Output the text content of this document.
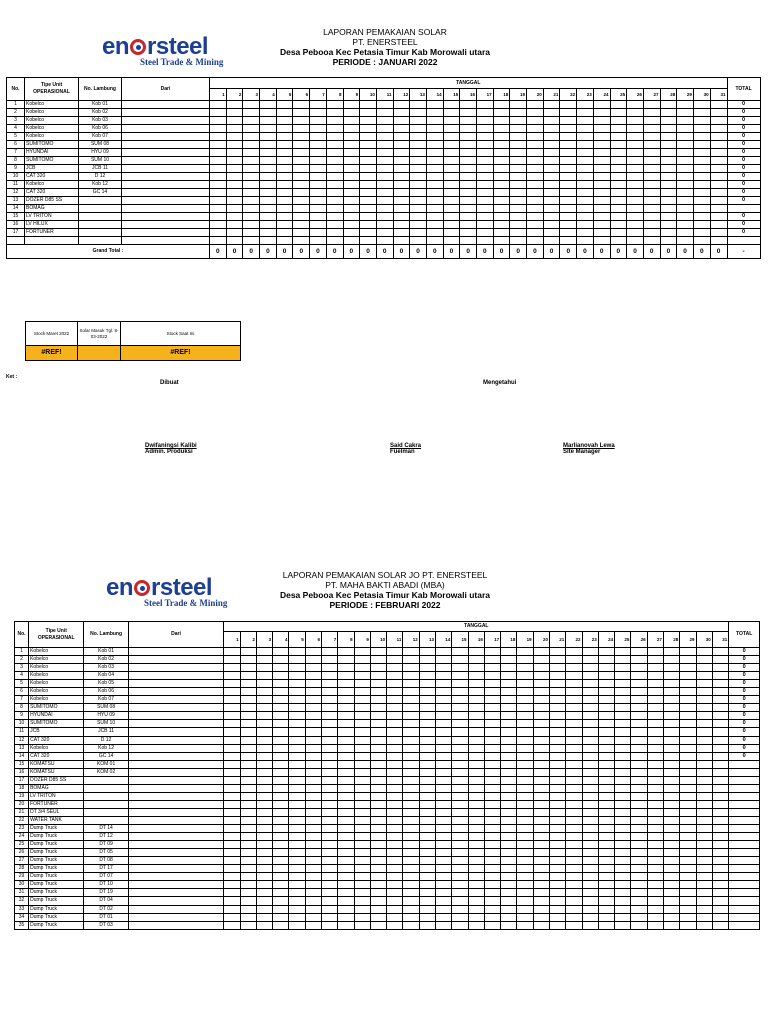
en rsteel
Steel Trade & Mining
LAPORAN PEMAKAIAN SOLAR
PT. ENERSTEEL
Desa Pebooa Kec Petasia Timur Kab Morowali utara
PERIODE : JANUARI 2022
No.	Tipe Unit OPERASIONAL	No. Lambung	Dari	TANGGAL																															TOTAL
				1	2	3	4	5	6	7	8	9	10	11	12	13	14	15	16	17	18	19	20	21	22	23	24	25	26	27	28	29	30	31	
1	Kobelco	Kob 01																																	0
2	Kobelco	Kob 02																																	0
3	Kobelco	Kob 03																																	0
4	Kobelco	Kob 06																																	0
5	Kobelco	Kob 07																																	0
6	SUMITOMO	SUM 08																																	0
7	HYUNDAI	HYU 09																																	0
8	SUMITOMO	SUM 10																																	0
9	JCB	JCB 11																																	0
10	CAT 320	D 12																																	0
11	Kobelco	Kob 12																																	0
12	CAT 320	GC 14																																	0
13	DOZER D85 SS																																		0
14	BOMAG																																		
15	LV TRITON																																		0
16	LV HILUX																																		0
17	FORTUNER																																		0

Grand Total :				0	0	0	0	0	0	0	0	0	0	0	0	0	0	0	0	0	0	0	0	0	0	0	0	0	0	0	0	0	0	0	-
Stock Maret 2022	Solar Masuk Tgl. 8-03-2022	Stock Saat Ini
#REF!		#REF!
Ket :
Dibuat	Mengetahui
Dwifaningsi Kalibi
Admin. Produksi
Said Cakra
Fuelman
Marlianovah Lewa
Site Manager
en rsteel
Steel Trade & Mining
LAPORAN PEMAKAIAN SOLAR JO PT. ENERSTEEL
PT. MAHA BAKTI ABADI (MBA)
Desa Pebooa Kec Petasia Timur Kab Morowali utara
PERIODE : FEBRUARI 2022
No.	Tipe Unit OPERASIONAL	No. Lambung	Dari	TANGGAL																															TOTAL
				1	2	3	4	5	6	7	8	9	10	11	12	13	14	15	16	17	18	19	20	21	22	23	24	25	26	27	28	29	30	31	
1	Kobelco	Kob 01																																	0
2	Kobelco	Kob 02																																	0
3	Kobelco	Kob 03																																	0
4	Kobelco	Kob 04																																	0
5	Kobelco	Kob 05																																	0
6	Kobelco	Kob 06																																	0
7	Kobelco	Kob 07																																	0
8	SUMITOMO	SUM 08																																	0
9	HYUNDAI	HYU 09																																	0
10	SUMITOMO	SUM 10																																	0
11	JCB	JCB 11																																	0
12	CAT 320	D 12																																	0
13	Kobelco	Kob 12																																	0
14	CAT 320	GC 14																																	0
15	KOMATSU	KOM 01																																	
16	KOMATSU	KOM 02																																	
17	DOZER D85 SS																																		
18	BOMAG																																		
19	LV TRITON																																		
20	FORTUNER																																		
21	DT 3/4 SEUL																																		
22	WATER TANK																																		
23	Dump Truck	DT 14																																	
24	Dump Truck	DT 12																																	
25	Dump Truck	DT 09																																	
26	Dump Truck	DT 05																																	
27	Dump Truck	DT 08																																	
28	Dump Truck	DT 17																																	
29	Dump Truck	DT 07																																	
30	Dump Truck	DT 10																																	
31	Dump Truck	DT 19																																	
32	Dump Truck	DT 04																																	
33	Dump Truck	DT 02																																	
34	Dump Truck	DT 01																																	
35	Dump Truck	DT 03																																	
